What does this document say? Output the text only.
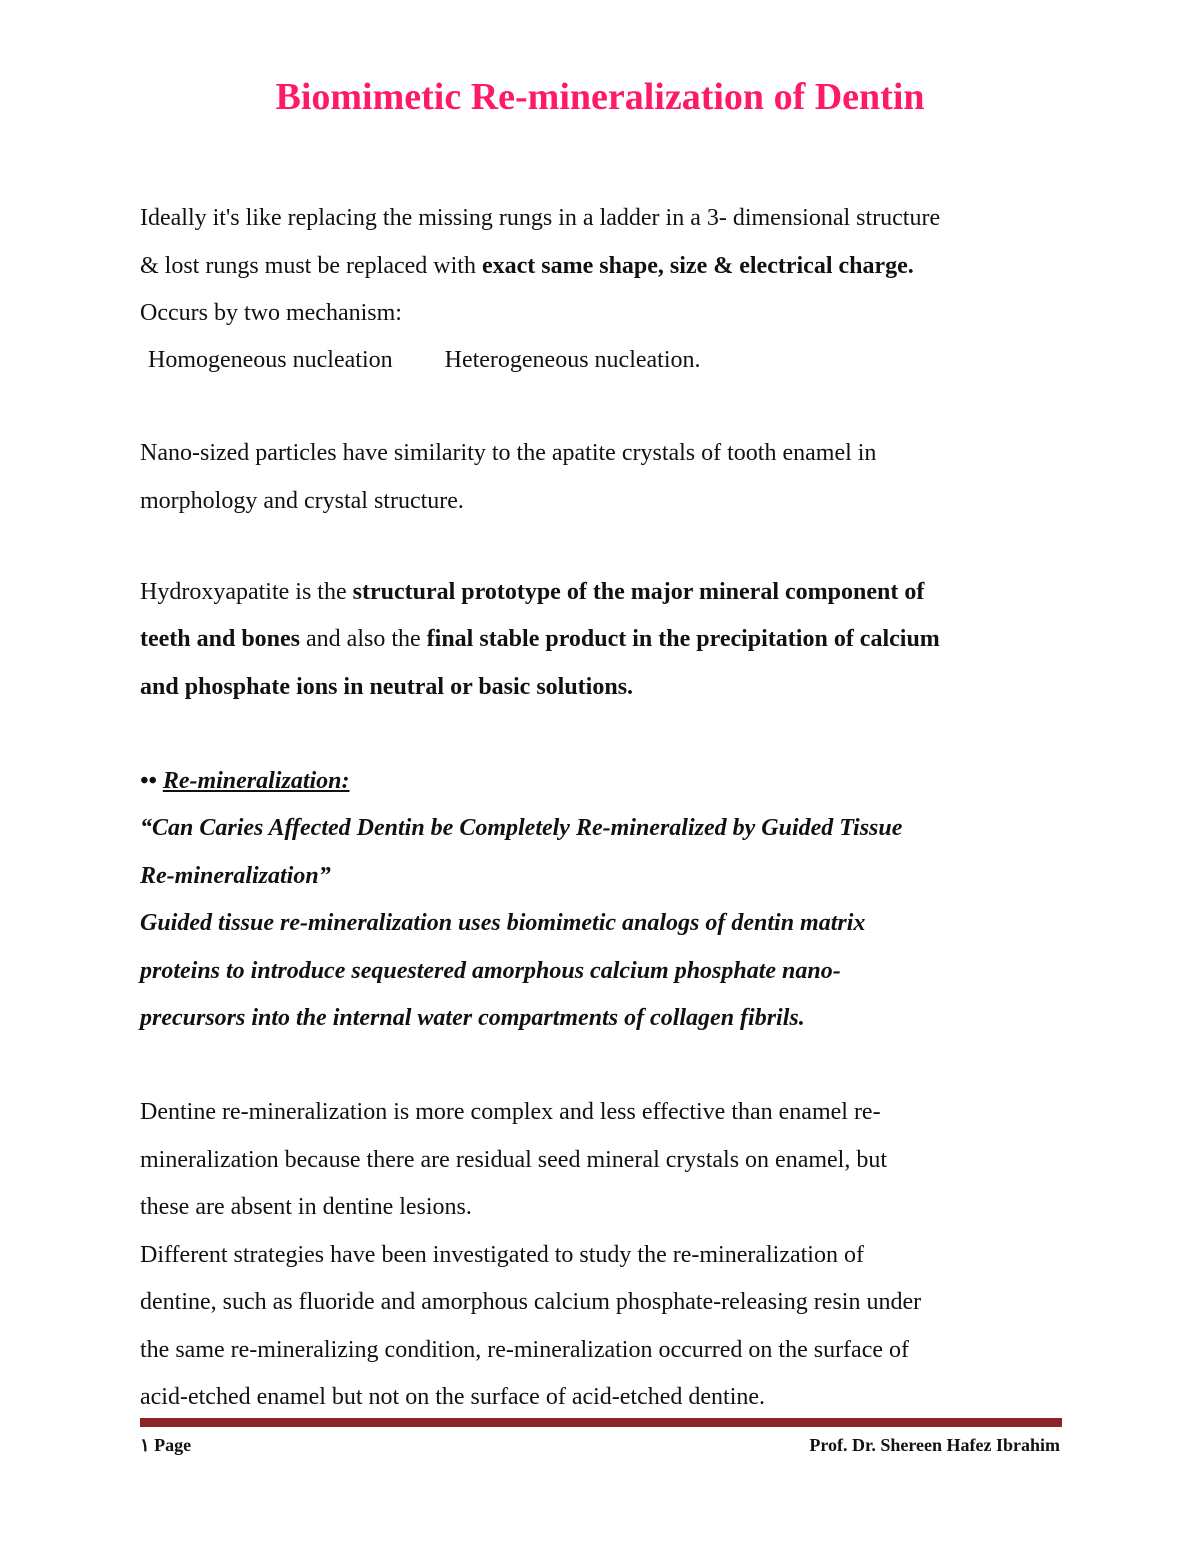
Biomimetic Re-mineralization of Dentin

Ideally it's like replacing the missing rungs in a ladder in a 3- dimensional structure

& lost rungs must be replaced with exact same shape, size & electrical charge.

Occurs by two mechanism:

Homogeneous nucleation Heterogeneous nucleation.

Nano-sized particles have similarity to the apatite crystals of tooth enamel in

morphology and crystal structure.

Hydroxyapatite is the structural prototype of the major mineral component of

teeth and bones and also the final stable product in the precipitation of calcium

and phosphate ions in neutral or basic solutions.

•• Re-mineralization:

“Can Caries Affected Dentin be Completely Re-mineralized by Guided Tissue

Re-mineralization”

Guided tissue re-mineralization uses biomimetic analogs of dentin matrix

proteins to introduce sequestered amorphous calcium phosphate nano-

precursors into the internal water compartments of collagen fibrils.

Dentine re-mineralization is more complex and less effective than enamel re-

mineralization because there are residual seed mineral crystals on enamel, but

these are absent in dentine lesions.

Different strategies have been investigated to study the re-mineralization of

dentine, such as fluoride and amorphous calcium phosphate-releasing resin under

the same re-mineralizing condition, re-mineralization occurred on the surface of

acid-etched enamel but not on the surface of acid-etched dentine.

١ Page	Prof. Dr. Shereen Hafez Ibrahim
